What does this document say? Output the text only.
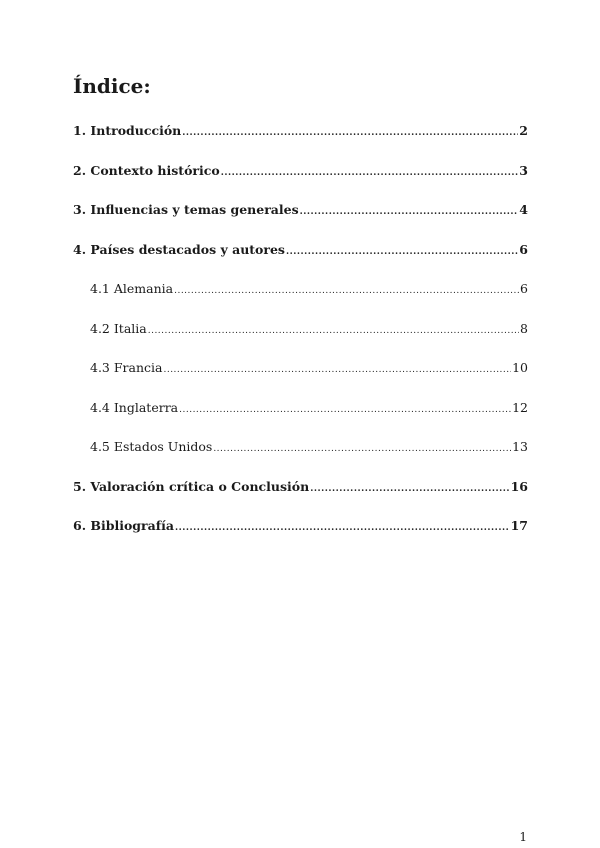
Índice:
1. Introducción .....	2
2. Contexto histórico .....	3
3. Influencias y temas generales .....	4
4. Países destacados y autores .....	6
4.1 Alemania .....	6
4.2 Italia .....	8
4.3 Francia .....	10
4.4 Inglaterra .....	12
4.5 Estados Unidos .....	13
5. Valoración crítica o Conclusión .....	16
6. Bibliografía .....	17
1
